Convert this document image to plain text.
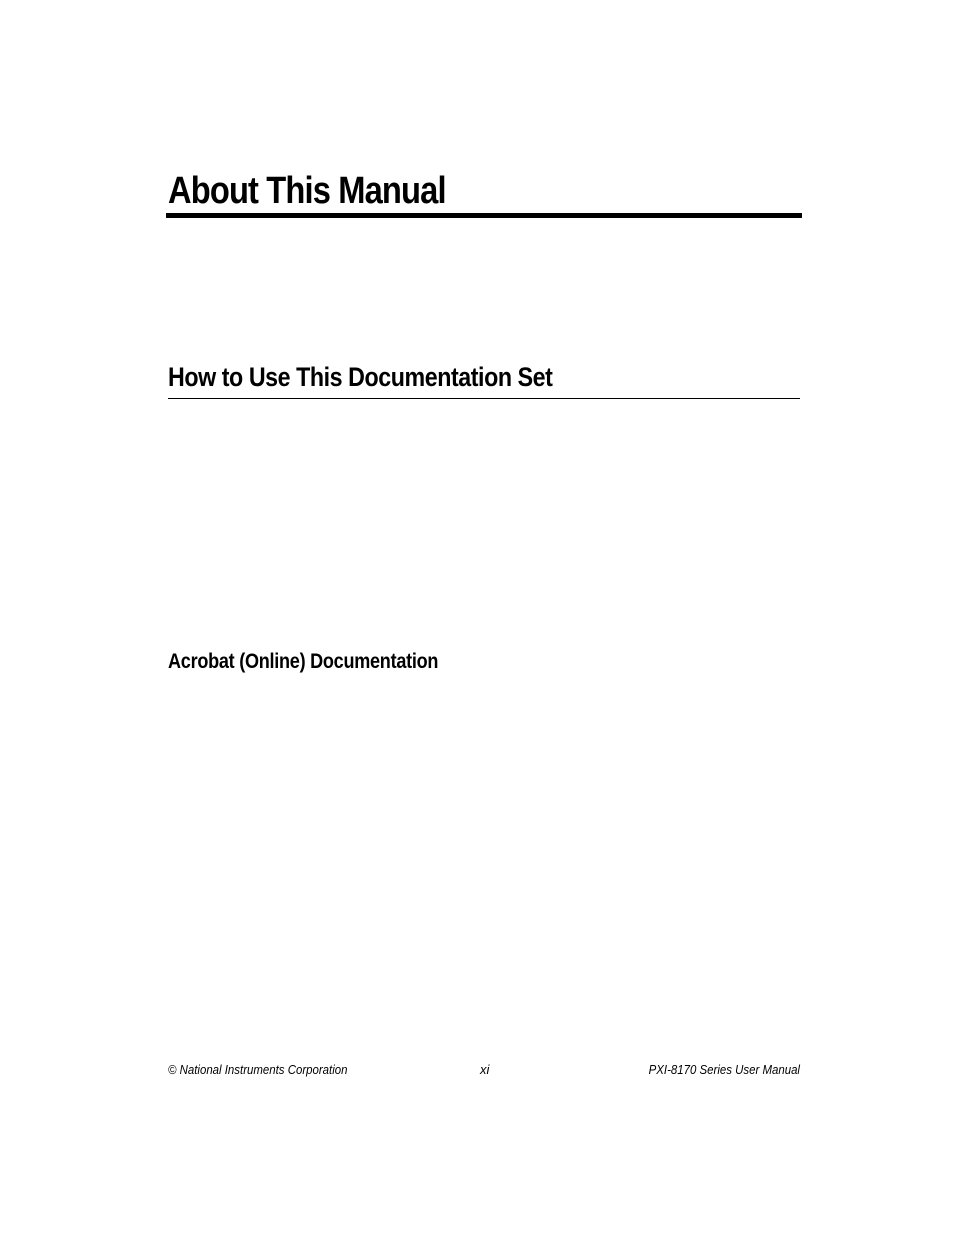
About This Manual
How to Use This Documentation Set
Acrobat (Online) Documentation
© National Instruments Corporation	xi	PXI-8170 Series User Manual
